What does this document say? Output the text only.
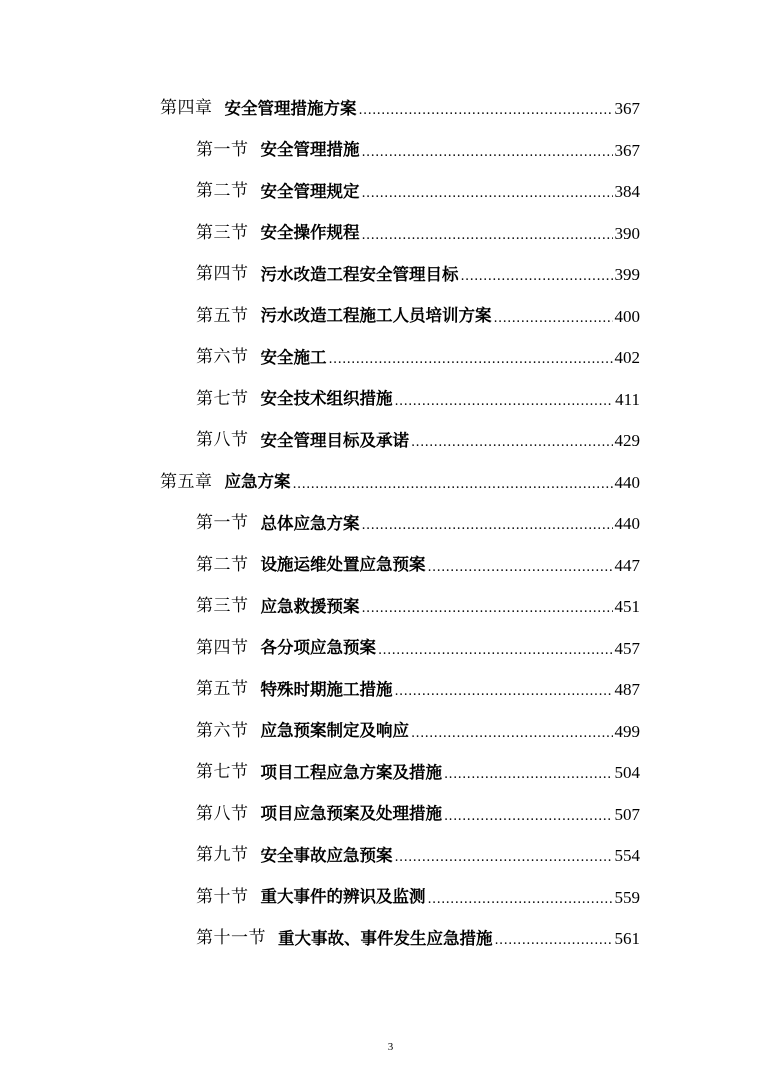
第四章 安全管理措施方案 .....	367
第一节 安全管理措施 .....	367
第二节 安全管理规定 .....	384
第三节 安全操作规程 .....	390
第四节 污水改造工程安全管理目标 .....	399
第五节 污水改造工程施工人员培训方案 .....	400
第六节 安全施工 .....	402
第七节 安全技术组织措施 .....	411
第八节 安全管理目标及承诺 .....	429
第五章 应急方案 .....	440
第一节 总体应急方案 .....	440
第二节 设施运维处置应急预案 .....	447
第三节 应急救援预案 .....	451
第四节 各分项应急预案 .....	457
第五节 特殊时期施工措施 .....	487
第六节 应急预案制定及响应 .....	499
第七节 项目工程应急方案及措施 .....	504
第八节 项目应急预案及处理措施 .....	507
第九节 安全事故应急预案 .....	554
第十节 重大事件的辨识及监测 .....	559
第十一节 重大事故、事件发生应急措施 .....	561
3
